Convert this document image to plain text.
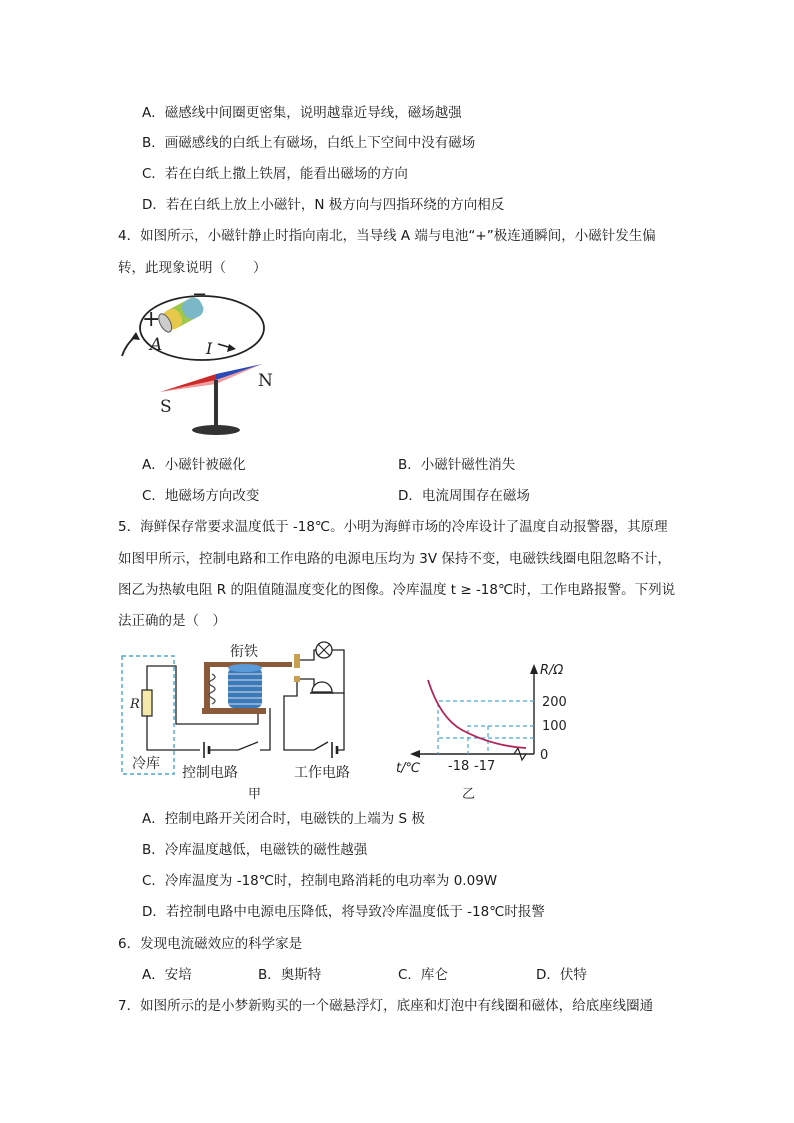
A．磁感线中间圈更密集，说明越靠近导线，磁场越强
B．画磁感线的白纸上有磁场，白纸上下空间中没有磁场
C．若在白纸上撒上铁屑，能看出磁场的方向
D．若在白纸上放上小磁针，N 极方向与四指环绕的方向相反
4．如图所示，小磁针静止时指向南北，当导线 A 端与电池“+”极连通瞬间，小磁针发生偏
转，此现象说明（　　）
+
−
A	I
N
S
A．小磁针被磁化	B．小磁针磁性消失
C．地磁场方向改变	D．电流周围存在磁场
5．海鲜保存常要求温度低于 -18℃。小明为海鲜市场的冷库设计了温度自动报警器，其原理
如图甲所示，控制电路和工作电路的电源电压均为 3V 保持不变，电磁铁线圈电阻忽略不计，
图乙为热敏电阻 R 的阻值随温度变化的图像。冷库温度 t ≥ -18℃时，工作电路报警。下列说
法正确的是（　）
冷库
R
衔铁
控制电路	工作电路
甲
R/Ω
t/℃
200
100
0
-18 -17
乙
A．控制电路开关闭合时，电磁铁的上端为 S 极
B．冷库温度越低，电磁铁的磁性越强
C．冷库温度为 -18℃时，控制电路消耗的电功率为 0.09W
D．若控制电路中电源电压降低，将导致冷库温度低于 -18℃时报警
6．发现电流磁效应的科学家是
A．安培	B．奥斯特	C．库仑	D．伏特
7．如图所示的是小梦新购买的一个磁悬浮灯，底座和灯泡中有线圈和磁体，给底座线圈通
